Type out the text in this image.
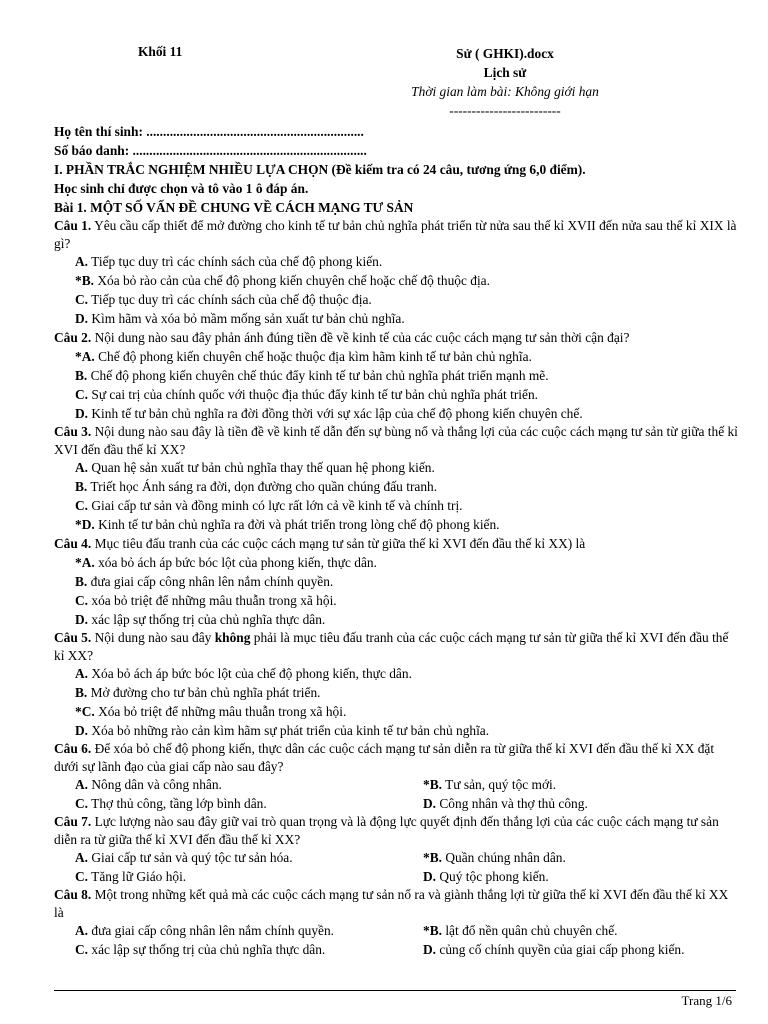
Khối 11	Sử ( GHKI).docx
Lịch sử
Thời gian làm bài: Không giới hạn
-------------------------
Họ tên thí sinh: .................................................................
Số báo danh: ......................................................................
I. PHẦN TRẮC NGHIỆM NHIỀU LỰA CHỌN (Đề kiếm tra có 24 câu, tương ứng 6,0 điểm).
Học sinh chỉ được chọn và tô vào 1 ô đáp án.
Bài 1. MỘT SỐ VẤN ĐỀ CHUNG VỀ CÁCH MẠNG TƯ SẢN
Câu 1. Yêu cầu cấp thiết để mở đường cho kinh tế tư bản chủ nghĩa phát triển từ nửa sau thế kỉ XVII đến nửa sau thế kỉ XIX là gì?
A. Tiếp tục duy trì các chính sách của chế độ phong kiến.
*B. Xóa bỏ rào cản của chế độ phong kiến chuyên chế hoặc chế độ thuộc địa.
C. Tiếp tục duy trì các chính sách của chế độ thuộc địa.
D. Kìm hãm và xóa bỏ mầm mống sản xuất tư bản chủ nghĩa.
Câu 2. Nội dung nào sau đây phản ánh đúng tiền đề về kinh tế của các cuộc cách mạng tư sản thời cận đại?
*A. Chế độ phong kiến chuyên chế hoặc thuộc địa kìm hãm kinh tế tư bản chủ nghĩa.
B. Chế độ phong kiến chuyên chế thúc đẩy kinh tế tư bản chủ nghĩa phát triển mạnh mẽ.
C. Sự cai trị của chính quốc với thuộc địa thúc đẩy kinh tế tư bản chủ nghĩa phát triển.
D. Kinh tế tư bản chủ nghĩa ra đời đồng thời với sự xác lập của chế độ phong kiến chuyên chế.
Câu 3. Nội dung nào sau đây là tiền đề về kinh tế dẫn đến sự bùng nổ và thắng lợi của các cuộc cách mạng tư sản từ giữa thế kỉ XVI đến đầu thế kỉ XX?
A. Quan hệ sản xuất tư bản chủ nghĩa thay thế quan hệ phong kiến.
B. Triết học Ánh sáng ra đời, dọn đường cho quần chúng đấu tranh.
C. Giai cấp tư sản và đồng minh có lực rất lớn cả về kinh tế và chính trị.
*D. Kinh tế tư bản chủ nghĩa ra đời và phát triển trong lòng chế độ phong kiến.
Câu 4. Mục tiêu đấu tranh của các cuộc cách mạng tư sản từ giữa thế kỉ XVI đến đầu thế kỉ XX) là
*A. xóa bỏ ách áp bức bóc lột của phong kiến, thực dân.
B. đưa giai cấp công nhân lên nắm chính quyền.
C. xóa bỏ triệt để những mâu thuẫn trong xã hội.
D. xác lập sự thống trị của chủ nghĩa thực dân.
Câu 5. Nội dung nào sau đây không phải là mục tiêu đấu tranh của các cuộc cách mạng tư sản từ giữa thế kỉ XVI đến đầu thế kỉ XX?
A. Xóa bỏ ách áp bức bóc lột của chế độ phong kiến, thực dân.
B. Mở đường cho tư bản chủ nghĩa phát triển.
*C. Xóa bỏ triệt để những mâu thuẫn trong xã hội.
D. Xóa bỏ những rào cản kìm hãm sự phát triển của kinh tế tư bản chủ nghĩa.
Câu 6. Để xóa bỏ chế độ phong kiến, thực dân các cuộc cách mạng tư sản diễn ra từ giữa thế kỉ XVI đến đầu thế kỉ XX đặt dưới sự lãnh đạo của giai cấp nào sau đây?
A. Nông dân và công nhân.	*B. Tư sản, quý tộc mới.
C. Thợ thủ công, tầng lớp bình dân.	D. Công nhân và thợ thủ công.
Câu 7. Lực lượng nào sau đây giữ vai trò quan trọng và là động lực quyết định đến thắng lợi của các cuộc cách mạng tư sản diễn ra từ giữa thế kỉ XVI đến đầu thế kỉ XX?
A. Giai cấp tư sản và quý tộc tư sản hóa.	*B. Quần chúng nhân dân.
C. Tăng lữ Giáo hội.	D. Quý tộc phong kiến.
Câu 8. Một trong những kết quả mà các cuộc cách mạng tư sản nổ ra và giành thắng lợi từ giữa thế kỉ XVI đến đầu thế kỉ XX là
A. đưa giai cấp công nhân lên nắm chính quyền.	*B. lật đổ nền quân chủ chuyên chế.
C. xác lập sự thống trị của chủ nghĩa thực dân.	D. củng cố chính quyền của giai cấp phong kiến.
Trang 1/6
